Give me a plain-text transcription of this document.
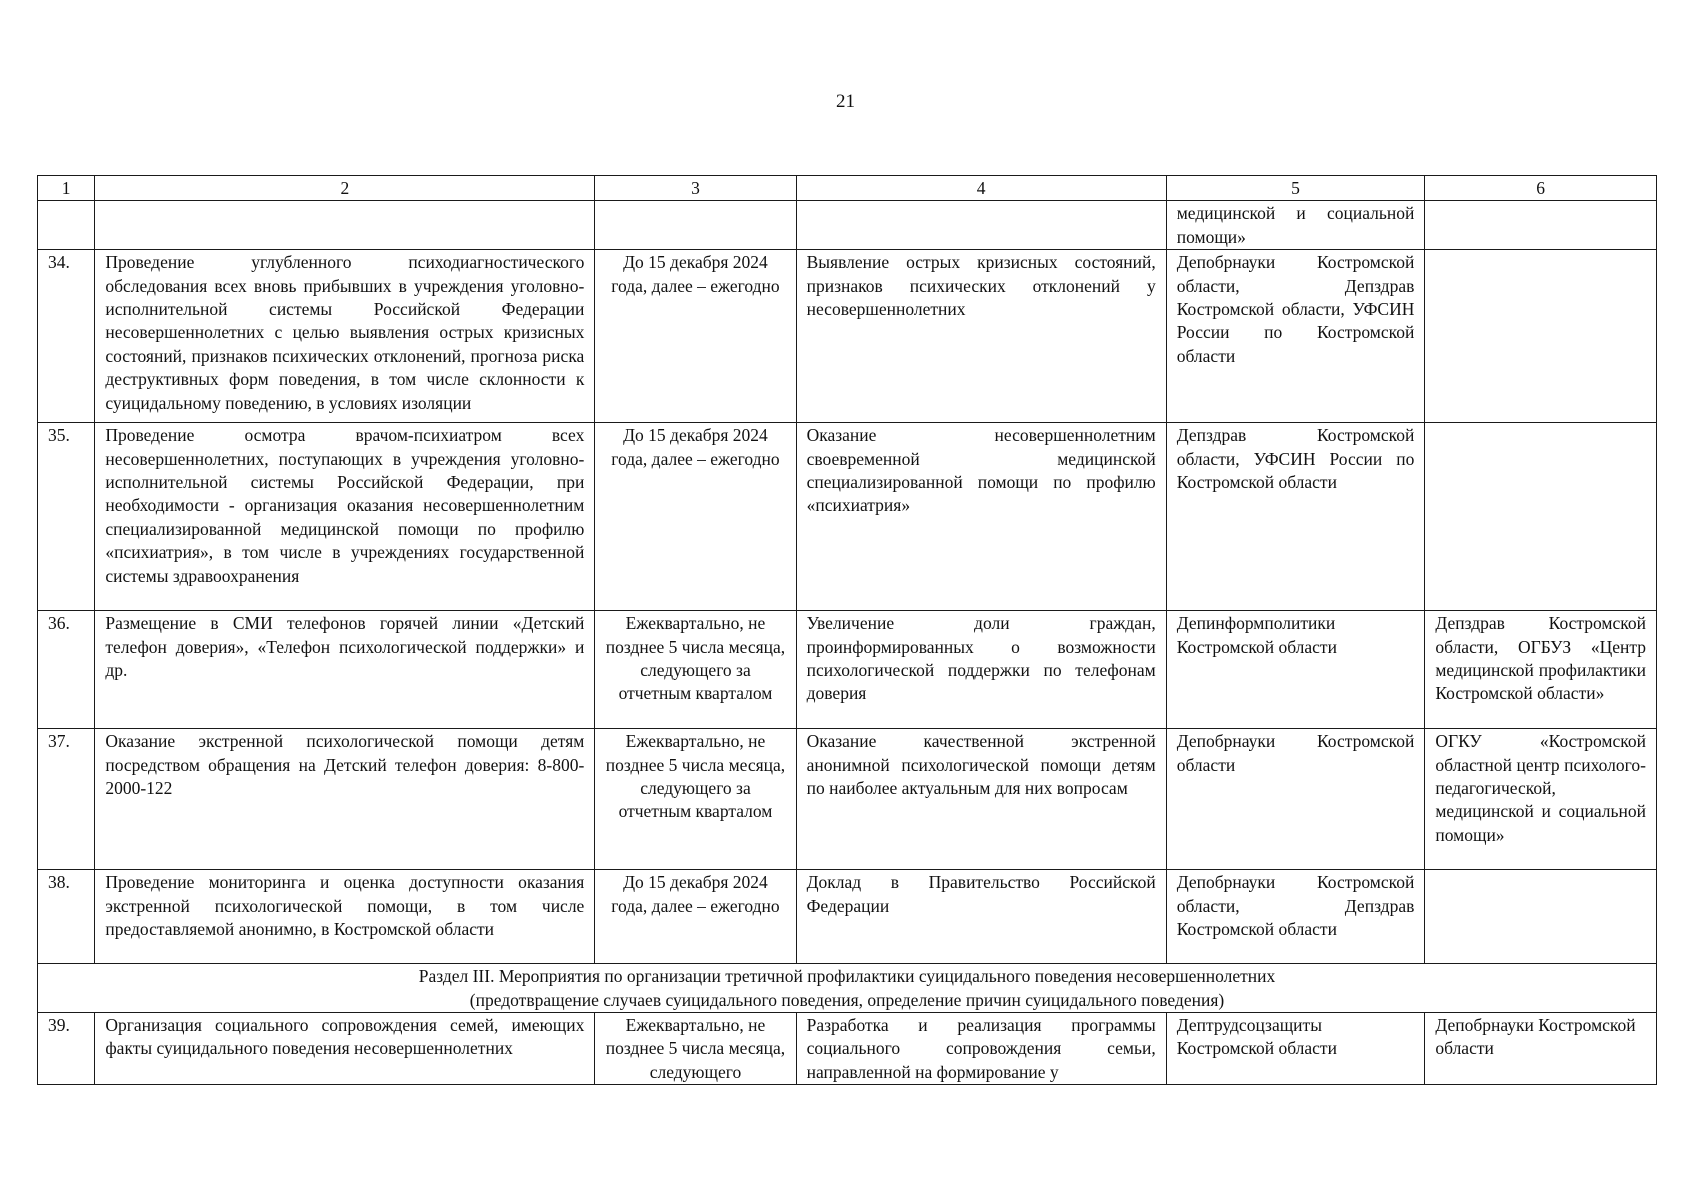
21
1	2	3	4	5	6
				медицинской и социальной помощи»	
34.	Проведение углубленного психодиагностического обследования всех вновь прибывших в учреждения уголовно-исполнительной системы Российской Федерации несовершеннолетних с целью выявления острых кризисных состояний, признаков психических отклонений, прогноза риска деструктивных форм поведения, в том числе склонности к суицидальному поведению, в условиях изоляции	До 15 декабря 2024 года, далее – ежегодно	Выявление острых кризисных состояний, признаков психических отклонений у несовершеннолетних	Депобрнауки Костромской области, Депздрав Костромской области, УФСИН России по Костромской области	
35.	Проведение осмотра врачом-психиатром всех несовершеннолетних, поступающих в учреждения уголовно-исполнительной системы Российской Федерации, при необходимости - организация оказания несовершеннолетним специализированной медицинской помощи по профилю «психиатрия», в том числе в учреждениях государственной системы здравоохранения	До 15 декабря 2024 года, далее – ежегодно	Оказание несовершеннолетним своевременной медицинской специализированной помощи по профилю «психиатрия»	Депздрав Костромской области, УФСИН России по Костромской области	
36.	Размещение в СМИ телефонов горячей линии «Детский телефон доверия», «Телефон психологической поддержки» и др.	Ежеквартально, не позднее 5 числа месяца, следующего за отчетным кварталом	Увеличение доли граждан, проинформированных о возможности психологической поддержки по телефонам доверия	Депинформполитики Костромской области	Депздрав Костромской области, ОГБУЗ «Центр медицинской профилактики Костромской области»
37.	Оказание экстренной психологической помощи детям посредством обращения на Детский телефон доверия: 8-800-2000-122	Ежеквартально, не позднее 5 числа месяца, следующего за отчетным кварталом	Оказание качественной экстренной анонимной психологической помощи детям по наиболее актуальным для них вопросам	Депобрнауки Костромской области	ОГКУ «Костромской областной центр психолого-педагогической, медицинской и социальной помощи»
38.	Проведение мониторинга и оценка доступности оказания экстренной психологической помощи, в том числе предоставляемой анонимно, в Костромской области	До 15 декабря 2024 года, далее – ежегодно	Доклад в Правительство Российской Федерации	Депобрнауки Костромской области, Депздрав Костромской области	

Раздел III. Мероприятия по организации третичной профилактики суицидального поведения несовершеннолетних
(предотвращение случаев суицидального поведения, определение причин суицидального поведения)					

39.	Организация социального сопровождения семей, имеющих факты суицидального поведения несовершеннолетних	Ежеквартально, не позднее 5 числа месяца, следующего	Разработка и реализация программы социального сопровождения семьи, направленной на формирование у	Дептрудсоцзащиты Костромской области	Депобрнауки Костромской области
